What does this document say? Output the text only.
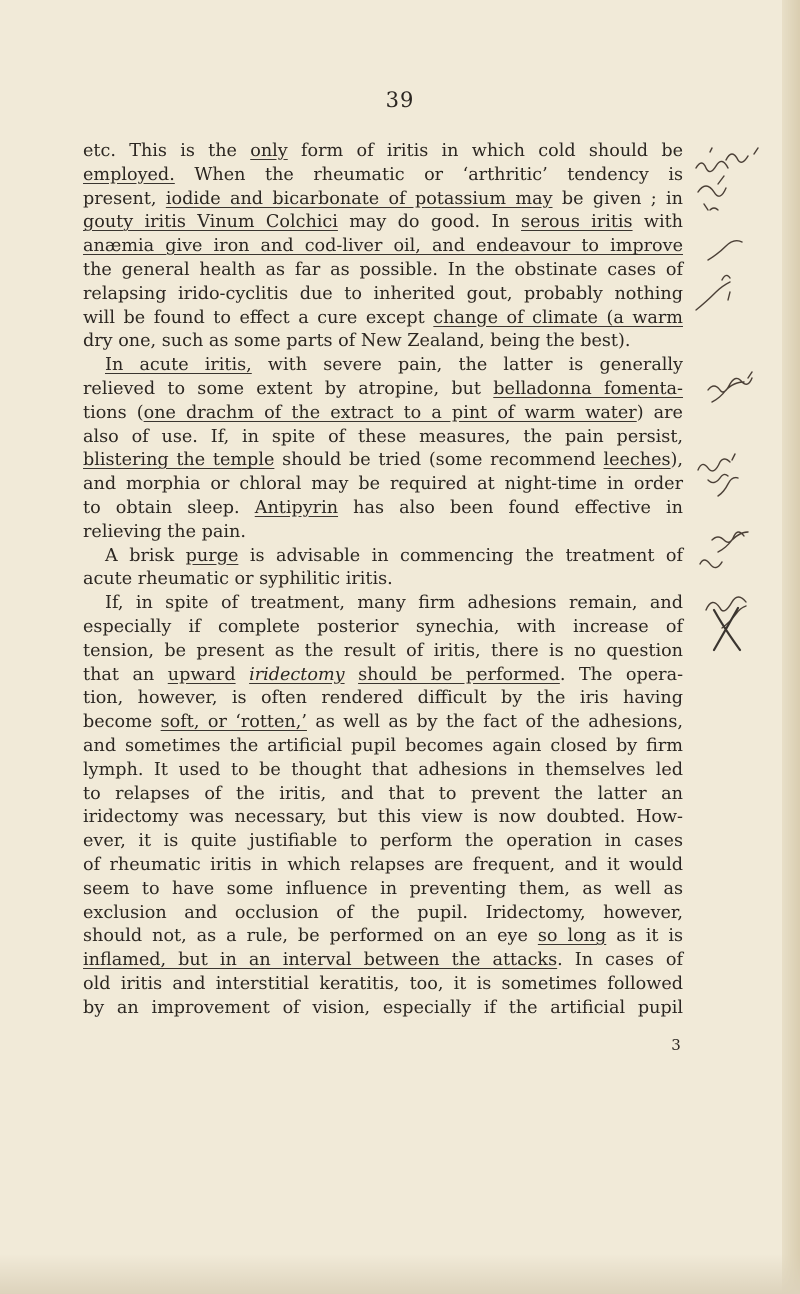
39
etc. This is the only form of iritis in which cold should be
employed. When the rheumatic or ‘arthritic’ tendency is
present, iodide and bicarbonate of potassium may be given ; in
gouty iritis Vinum Colchici may do good. In serous iritis with
anæmia give iron and cod-liver oil, and endeavour to improve
the general health as far as possible. In the obstinate cases of
relapsing irido-cyclitis due to inherited gout, probably nothing
will be found to effect a cure except change of climate (a warm
dry one, such as some parts of New Zealand, being the best).
In acute iritis, with severe pain, the latter is generally
relieved to some extent by atropine, but belladonna fomenta-
tions (one drachm of the extract to a pint of warm water) are
also of use. If, in spite of these measures, the pain persist,
blistering the temple should be tried (some recommend leeches),
and morphia or chloral may be required at night-time in order
to obtain sleep. Antipyrin has also been found effective in
relieving the pain.
A brisk purge is advisable in commencing the treatment of
acute rheumatic or syphilitic iritis.
If, in spite of treatment, many firm adhesions remain, and
especially if complete posterior synechia, with increase of
tension, be present as the result of iritis, there is no question
that an upward iridectomy should be performed. The opera-
tion, however, is often rendered difficult by the iris having
become soft, or ‘rotten,’ as well as by the fact of the adhesions,
and sometimes the artificial pupil becomes again closed by firm
lymph. It used to be thought that adhesions in themselves led
to relapses of the iritis, and that to prevent the latter an
iridectomy was necessary, but this view is now doubted. How-
ever, it is quite justifiable to perform the operation in cases
of rheumatic iritis in which relapses are frequent, and it would
seem to have some influence in preventing them, as well as
exclusion and occlusion of the pupil. Iridectomy, however,
should not, as a rule, be performed on an eye so long as it is
inflamed, but in an interval between the attacks. In cases of
old iritis and interstitial keratitis, too, it is sometimes followed
by an improvement of vision, especially if the artificial pupil
3
